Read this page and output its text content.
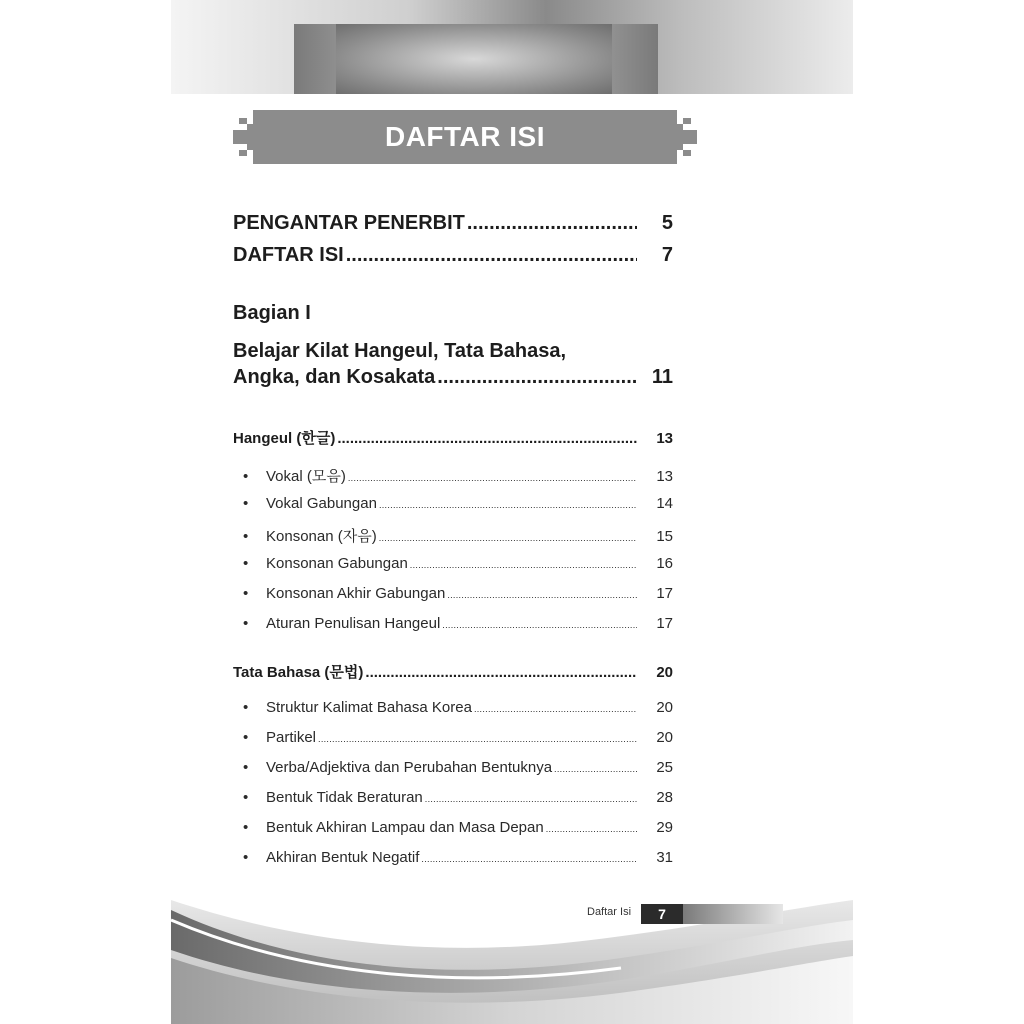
DAFTAR ISI
PENGANTAR PENERBIT .....	5
DAFTAR ISI .....	7
Bagian I
Belajar Kilat Hangeul, Tata Bahasa,
Angka, dan Kosakata .....	11
Hangeul (한글) .....	13
•	Vokal (모음) .....	13
•	Vokal Gabungan .....	14
•	Konsonan (자음) .....	15
•	Konsonan Gabungan .....	16
•	Konsonan Akhir Gabungan .....	17
•	Aturan Penulisan Hangeul .....	17
Tata Bahasa (문법) .....	20
•	Struktur Kalimat Bahasa Korea .....	20
•	Partikel .....	20
•	Verba/Adjektiva dan Perubahan Bentuknya .....	25
•	Bentuk Tidak Beraturan .....	28
•	Bentuk Akhiran Lampau dan Masa Depan .....	29
•	Akhiran Bentuk Negatif .....	31
Daftar Isi	7
